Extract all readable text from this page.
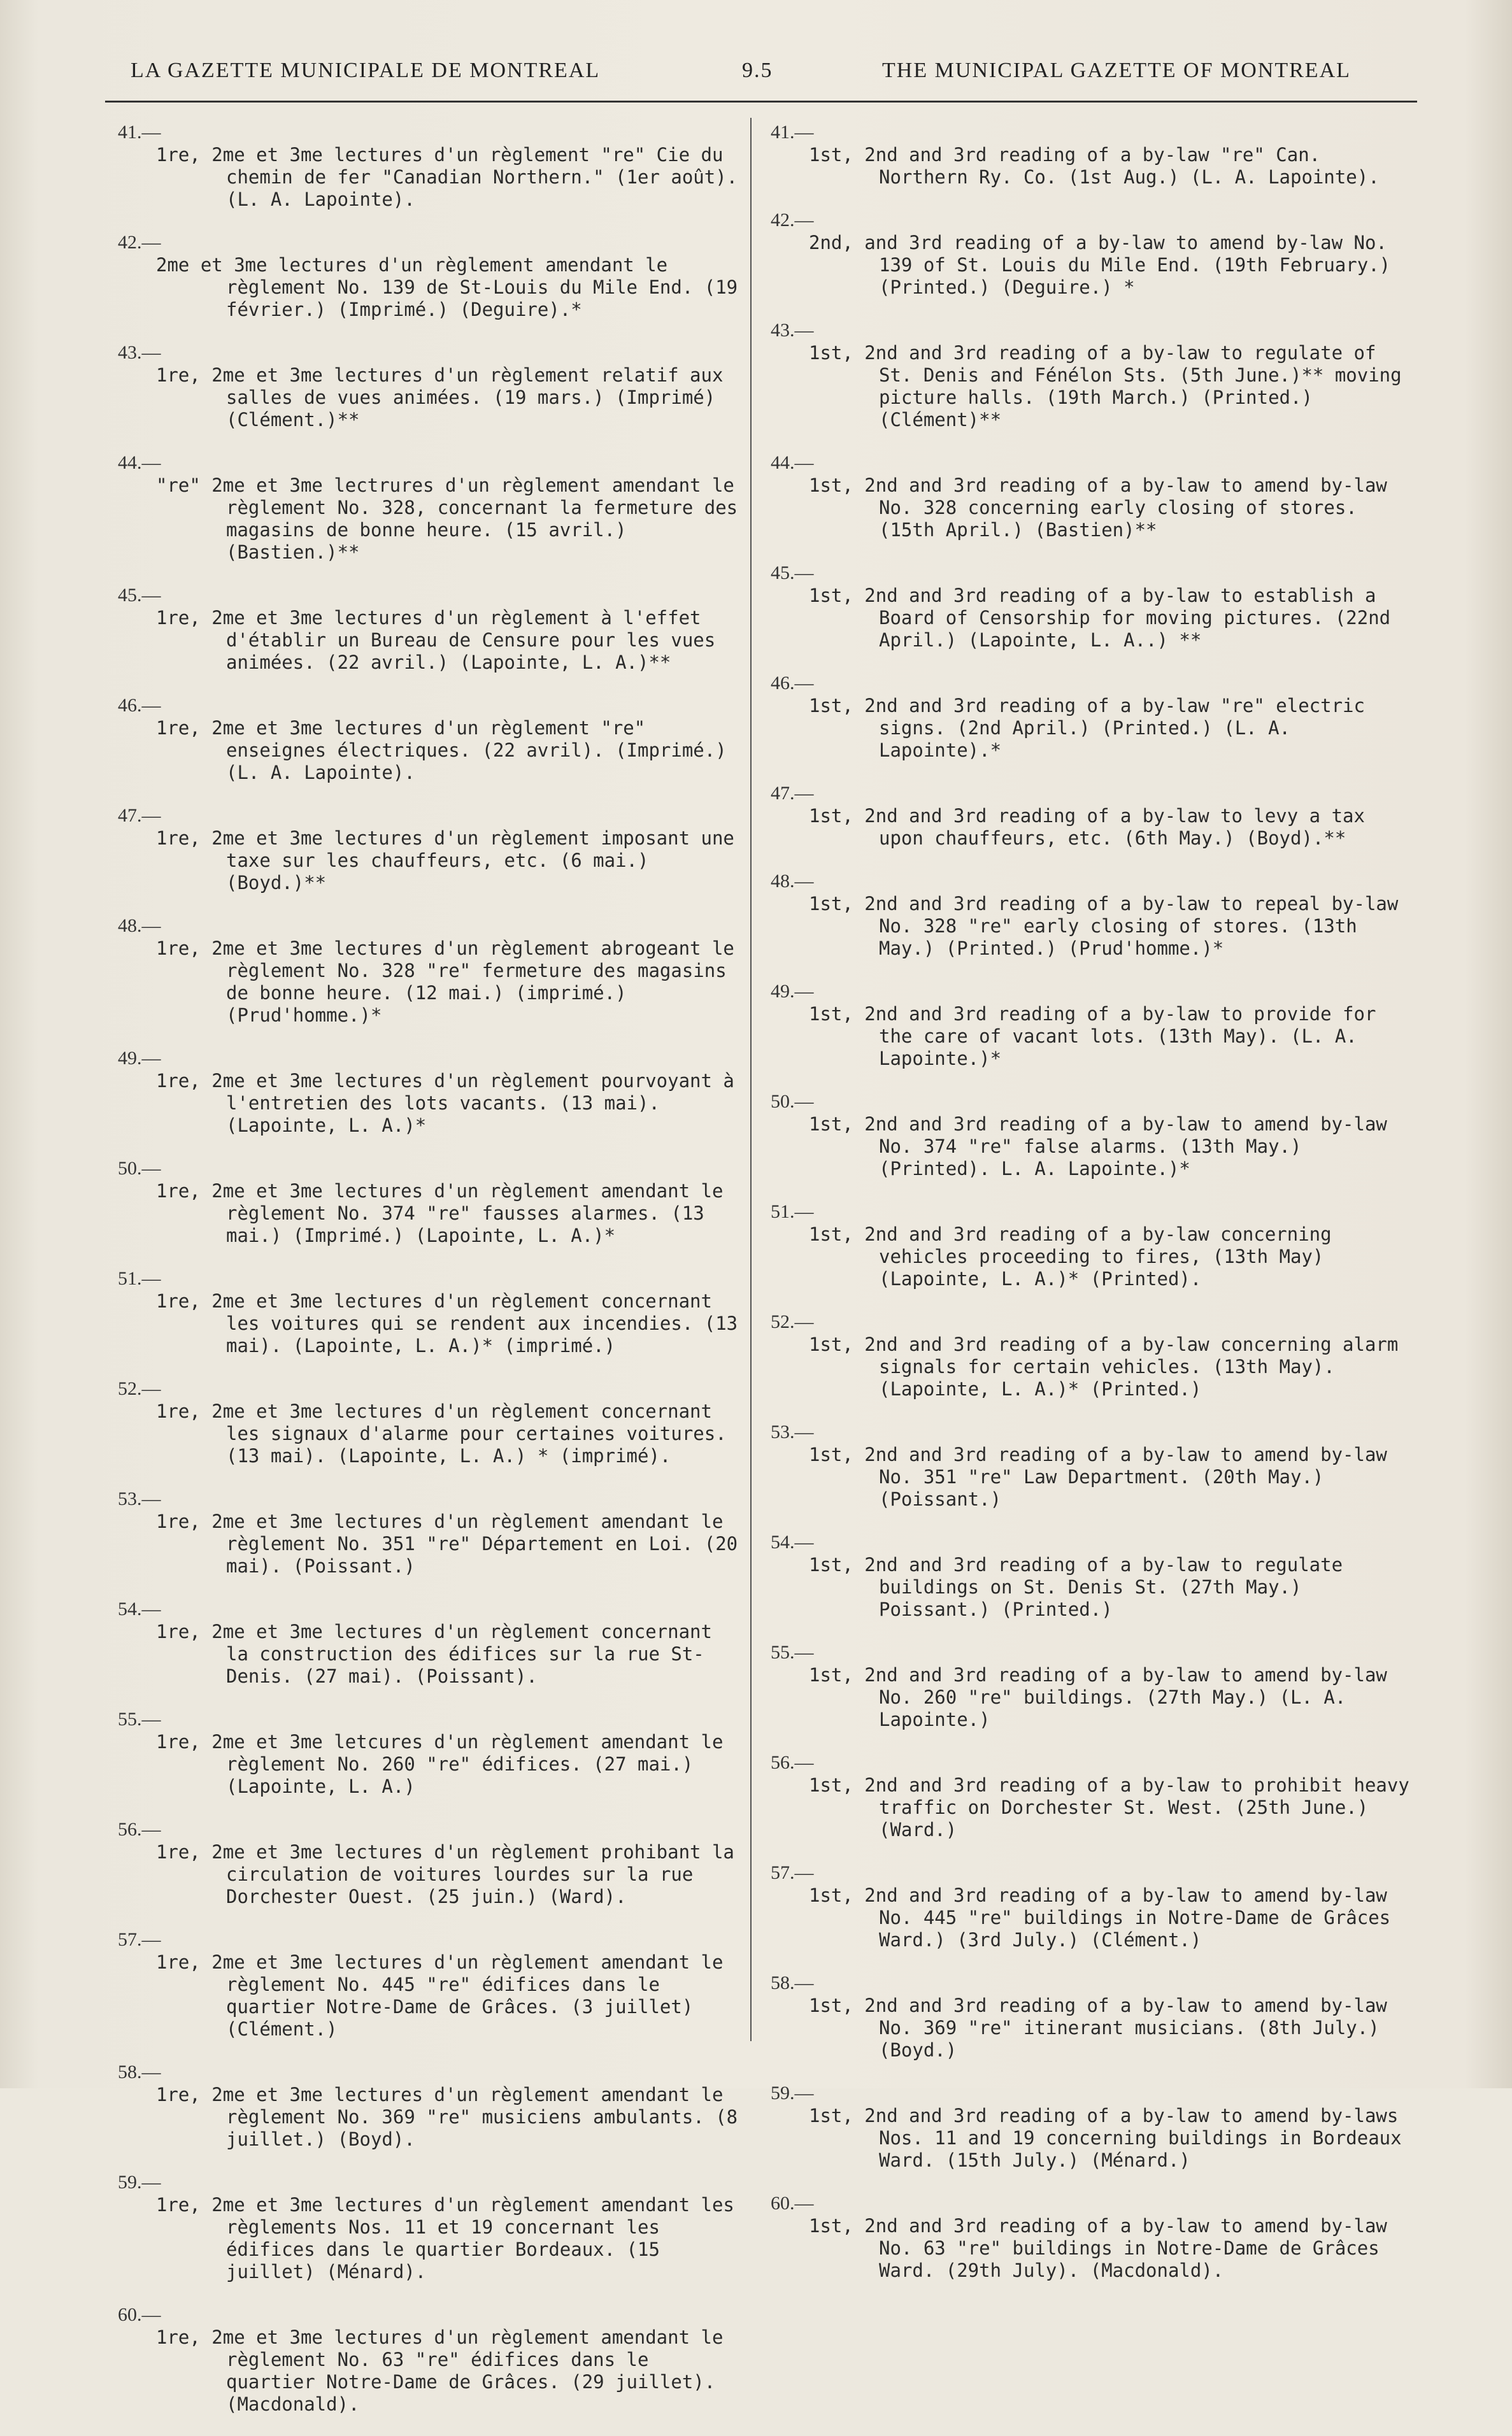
LA GAZETTE MUNICIPALE DE MONTREAL	9.5	THE MUNICIPAL GAZETTE OF MONTREAL
41.—
1re, 2me et 3me lectures d'un règlement "re" Cie du chemin de fer "Canadian Northern." (1er août). (L. A. Lapointe).
42.—
2me et 3me lectures d'un règlement amendant le règlement No. 139 de St-Louis du Mile End. (19 février.) (Imprimé.) (Deguire).*
43.—
1re, 2me et 3me lectures d'un règlement relatif aux salles de vues animées. (19 mars.) (Imprimé) (Clément.)**
44.—
"re" 2me et 3me lectrures d'un règlement amendant le règlement No. 328, concernant la fermeture des magasins de bonne heure. (15 avril.) (Bastien.)**
45.—
1re, 2me et 3me lectures d'un règlement à l'effet d'établir un Bureau de Censure pour les vues animées. (22 avril.) (Lapointe, L. A.)**
46.—
1re, 2me et 3me lectures d'un règlement "re" enseignes électriques. (22 avril). (Imprimé.) (L. A. Lapointe).
47.—
1re, 2me et 3me lectures d'un règlement imposant une taxe sur les chauffeurs, etc. (6 mai.) (Boyd.)**
48.—
1re, 2me et 3me lectures d'un règlement abrogeant le règlement No. 328 "re" fermeture des magasins de bonne heure. (12 mai.) (imprimé.) (Prud'homme.)*
49.—
1re, 2me et 3me lectures d'un règlement pourvoyant à l'entretien des lots vacants. (13 mai). (Lapointe, L. A.)*
50.—
1re, 2me et 3me lectures d'un règlement amendant le règlement No. 374 "re" fausses alarmes. (13 mai.) (Imprimé.) (Lapointe, L. A.)*
51.—
1re, 2me et 3me lectures d'un règlement concernant les voitures qui se rendent aux incendies. (13 mai). (Lapointe, L. A.)* (imprimé.)
52.—
1re, 2me et 3me lectures d'un règlement concernant les signaux d'alarme pour certaines voitures. (13 mai). (Lapointe, L. A.) * (imprimé).
53.—
1re, 2me et 3me lectures d'un règlement amendant le règlement No. 351 "re" Département en Loi. (20 mai). (Poissant.)
54.—
1re, 2me et 3me lectures d'un règlement concernant la construction des édifices sur la rue St-Denis. (27 mai). (Poissant).
55.—
1re, 2me et 3me letcures d'un règlement amendant le règlement No. 260 "re" édifices. (27 mai.) (Lapointe, L. A.)
56.—
1re, 2me et 3me lectures d'un règlement prohibant la circulation de voitures lourdes sur la rue Dorchester Ouest. (25 juin.) (Ward).
57.—
1re, 2me et 3me lectures d'un règlement amendant le règlement No. 445 "re" édifices dans le quartier Notre-Dame de Grâces. (3 juillet) (Clément.)
58.—
1re, 2me et 3me lectures d'un règlement amendant le règlement No. 369 "re" musiciens ambulants. (8 juillet.) (Boyd).
59.—
1re, 2me et 3me lectures d'un règlement amendant les règlements Nos. 11 et 19 concernant les édifices dans le quartier Bordeaux. (15 juillet) (Ménard).
60.—
1re, 2me et 3me lectures d'un règlement amendant le règlement No. 63 "re" édifices dans le quartier Notre-Dame de Grâces. (29 juillet). (Macdonald).
41.—
1st, 2nd and 3rd reading of a by-law "re" Can. Northern Ry. Co. (1st Aug.) (L. A. Lapointe).
42.—
2nd, and 3rd reading of a by-law to amend by-law No. 139 of St. Louis du Mile End. (19th February.) (Printed.) (Deguire.) *
43.—
1st, 2nd and 3rd reading of a by-law to regulate of St. Denis and Fénélon Sts. (5th June.)** moving picture halls. (19th March.) (Printed.) (Clément)**
44.—
1st, 2nd and 3rd reading of a by-law to amend by-law No. 328 concerning early closing of stores. (15th April.) (Bastien)**
45.—
1st, 2nd and 3rd reading of a by-law to establish a Board of Censorship for moving pictures. (22nd April.) (Lapointe, L. A..) **
46.—
1st, 2nd and 3rd reading of a by-law "re" electric signs. (2nd April.) (Printed.) (L. A. Lapointe).*
47.—
1st, 2nd and 3rd reading of a by-law to levy a tax upon chauffeurs, etc. (6th May.) (Boyd).**
48.—
1st, 2nd and 3rd reading of a by-law to repeal by-law No. 328 "re" early closing of stores. (13th May.) (Printed.) (Prud'homme.)*
49.—
1st, 2nd and 3rd reading of a by-law to provide for the care of vacant lots. (13th May). (L. A. Lapointe.)*
50.—
1st, 2nd and 3rd reading of a by-law to amend by-law No. 374 "re" false alarms. (13th May.) (Printed). L. A. Lapointe.)*
51.—
1st, 2nd and 3rd reading of a by-law concerning vehicles proceeding to fires, (13th May) (Lapointe, L. A.)* (Printed).
52.—
1st, 2nd and 3rd reading of a by-law concerning alarm signals for certain vehicles. (13th May). (Lapointe, L. A.)* (Printed.)
53.—
1st, 2nd and 3rd reading of a by-law to amend by-law No. 351 "re" Law Department. (20th May.) (Poissant.)
54.—
1st, 2nd and 3rd reading of a by-law to regulate buildings on St. Denis St. (27th May.) Poissant.) (Printed.)
55.—
1st, 2nd and 3rd reading of a by-law to amend by-law No. 260 "re" buildings. (27th May.) (L. A. Lapointe.)
56.—
1st, 2nd and 3rd reading of a by-law to prohibit heavy traffic on Dorchester St. West. (25th June.) (Ward.)
57.—
1st, 2nd and 3rd reading of a by-law to amend by-law No. 445 "re" buildings in Notre-Dame de Grâces Ward.) (3rd July.) (Clément.)
58.—
1st, 2nd and 3rd reading of a by-law to amend by-law No. 369 "re" itinerant musicians. (8th July.) (Boyd.)
59.—
1st, 2nd and 3rd reading of a by-law to amend by-laws Nos. 11 and 19 concerning buildings in Bordeaux Ward. (15th July.) (Ménard.)
60.—
1st, 2nd and 3rd reading of a by-law to amend by-law No. 63 "re" buildings in Notre-Dame de Grâces Ward. (29th July). (Macdonald).
